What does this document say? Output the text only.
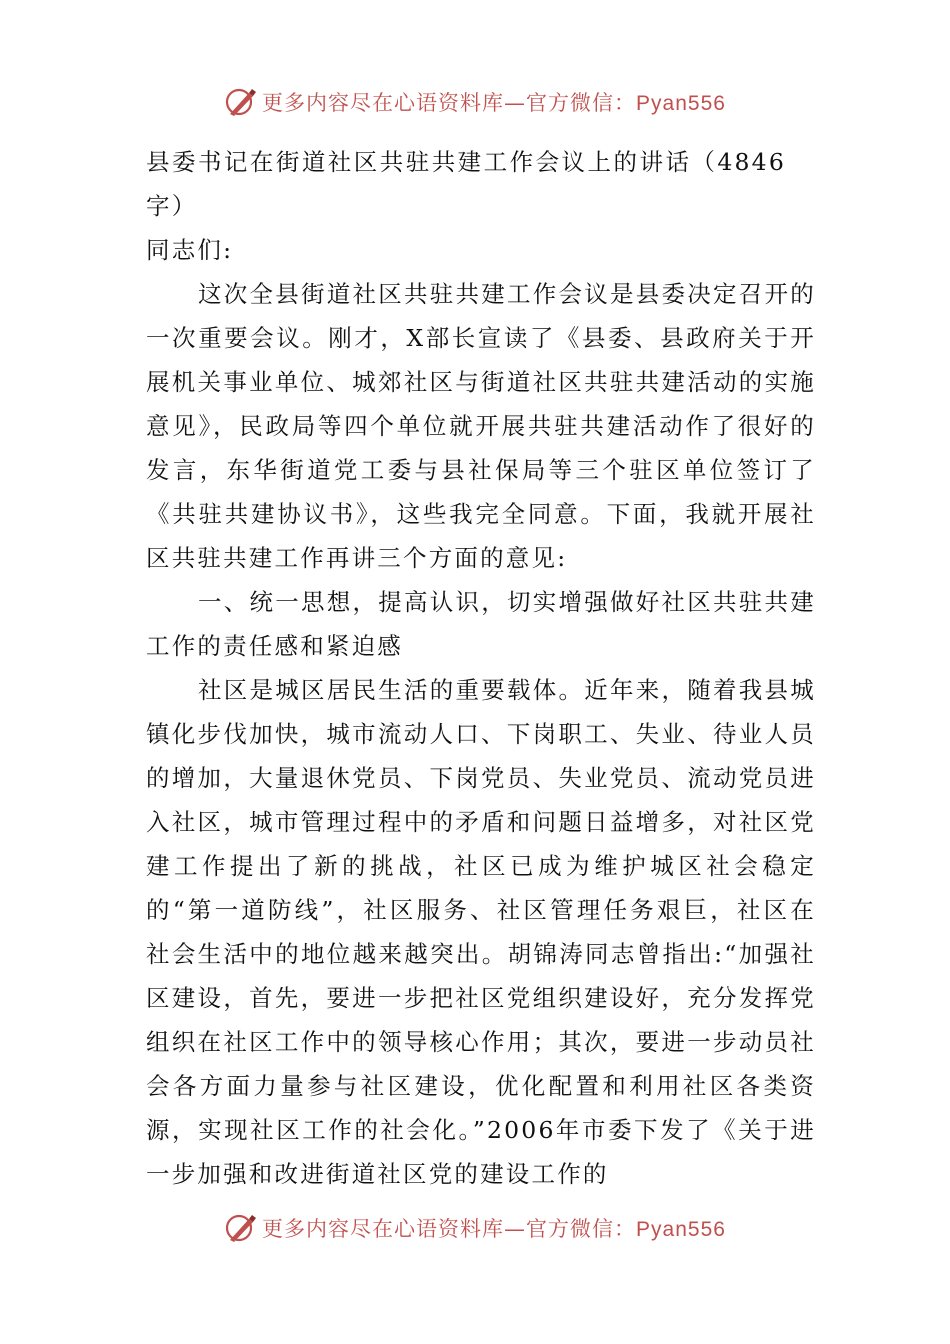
更多内容尽在心语资料库—官方微信：Pyan556

县委书记在街道社区共驻共建工作会议上的讲话（4846字）

同志们:

这次全县街道社区共驻共建工作会议是县委决定召开的一次重要会议。刚才，X部长宣读了《县委、县政府关于开展机关事业单位、城郊社区与街道社区共驻共建活动的实施意见》，民政局等四个单位就开展共驻共建活动作了很好的发言，东华街道党工委与县社保局等三个驻区单位签订了《共驻共建协议书》，这些我完全同意。下面，我就开展社区共驻共建工作再讲三个方面的意见:

一、统一思想，提高认识，切实增强做好社区共驻共建工作的责任感和紧迫感

社区是城区居民生活的重要载体。近年来，随着我县城镇化步伐加快，城市流动人口、下岗职工、失业、待业人员的增加，大量退休党员、下岗党员、失业党员、流动党员进入社区，城市管理过程中的矛盾和问题日益增多，对社区党建工作提出了新的挑战，社区已成为维护城区社会稳定的“第一道防线”，社区服务、社区管理任务艰巨，社区在社会生活中的地位越来越突出。胡锦涛同志曾指出:“加强社区建设，首先，要进一步把社区党组织建设好，充分发挥党组织在社区工作中的领导核心作用；其次，要进一步动员社会各方面力量参与社区建设，优化配置和利用社区各类资源，实现社区工作的社会化。”2006年市委下发了《关于进一步加强和改进街道社区党的建设工作的

更多内容尽在心语资料库—官方微信：Pyan556
